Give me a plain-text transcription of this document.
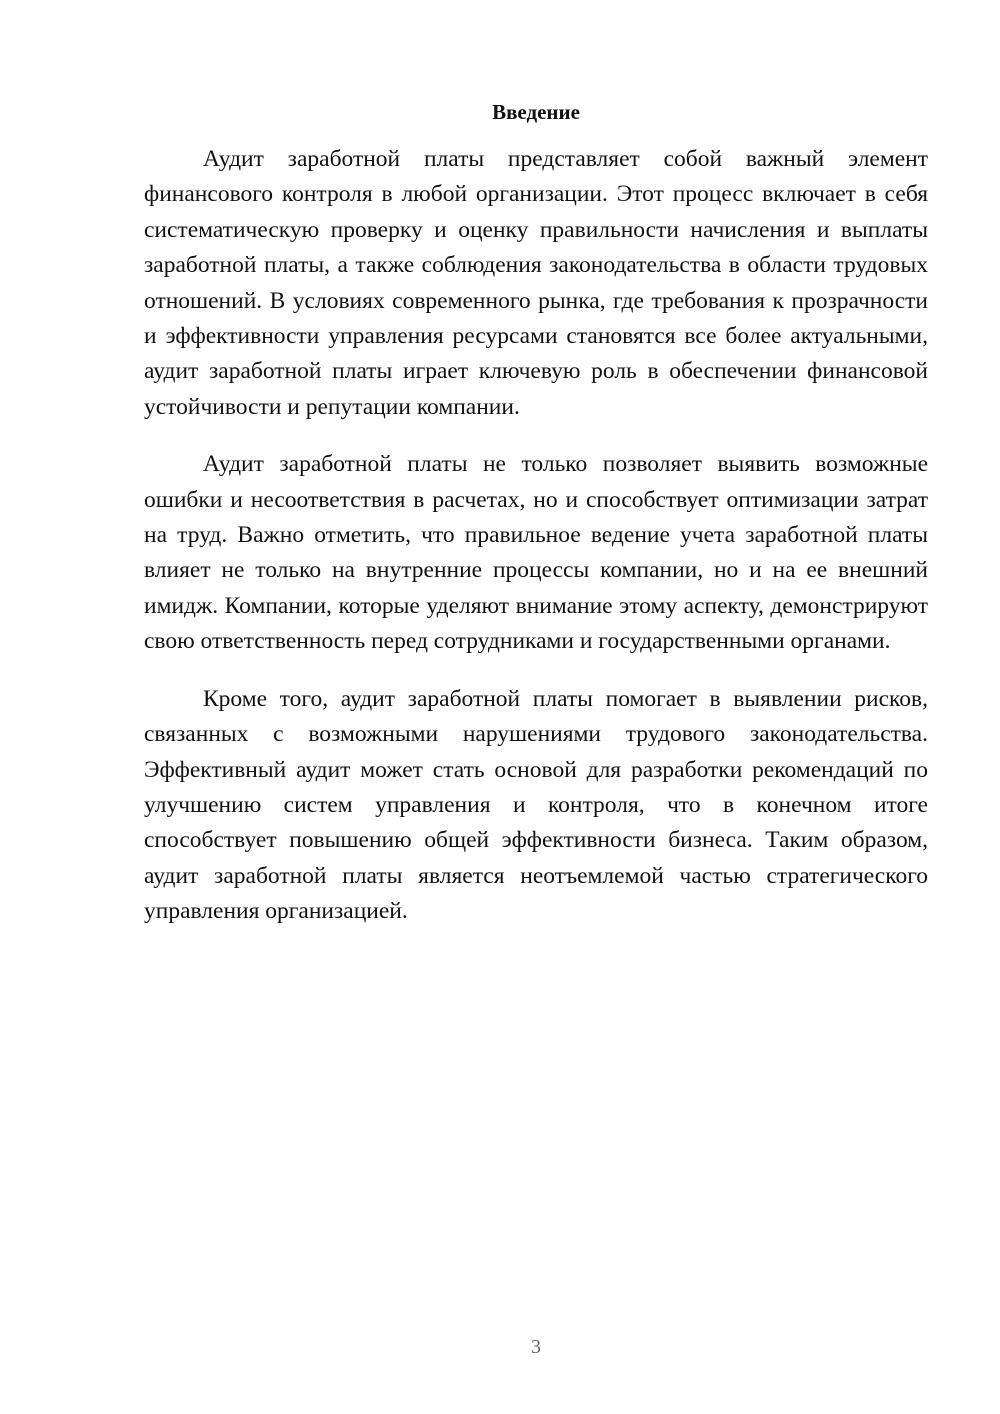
Введение

Аудит заработной платы представляет собой важный элемент финансового контроля в любой организации. Этот процесс включает в себя систематическую проверку и оценку правильности начисления и выплаты заработной платы, а также соблюдения законодательства в области трудовых отношений. В условиях современного рынка, где требования к прозрачности и эффективности управления ресурсами становятся все более актуальными, аудит заработной платы играет ключевую роль в обеспечении финансовой устойчивости и репутации компании.

Аудит заработной платы не только позволяет выявить возможные ошибки и несоответствия в расчетах, но и способствует оптимизации затрат на труд. Важно отметить, что правильное ведение учета заработной платы влияет не только на внутренние процессы компании, но и на ее внешний имидж. Компании, которые уделяют внимание этому аспекту, демонстрируют свою ответственность перед сотрудниками и государственными органами.

Кроме того, аудит заработной платы помогает в выявлении рисков, связанных с возможными нарушениями трудового законодательства. Эффективный аудит может стать основой для разработки рекомендаций по улучшению систем управления и контроля, что в конечном итоге способствует повышению общей эффективности бизнеса. Таким образом, аудит заработной платы является неотъемлемой частью стратегического управления организацией.

3
